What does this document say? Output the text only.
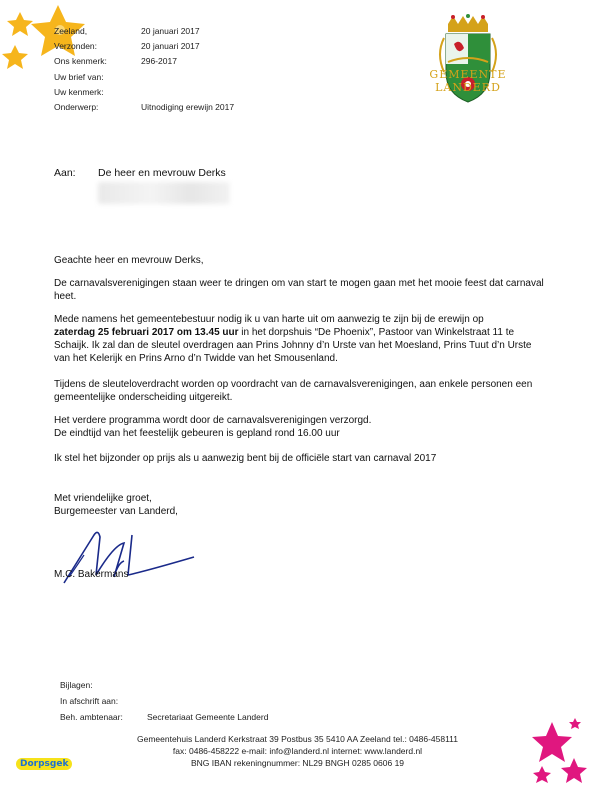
Zeeland,	20 januari 2017
Verzonden:	20 januari 2017
Ons kenmerk:	296-2017
Uw brief van:
Uw kenmerk:
Onderwerp:	Uitnodiging erewijn 2017
GEMEENTE LANDERD
Aan: De heer en mevrouw Derks
Geachte heer en mevrouw Derks,
De carnavalsverenigingen staan weer te dringen om van start te mogen gaan met het mooie feest dat carnaval heet.
Mede namens het gemeentebestuur nodig ik u van harte uit om aanwezig te zijn bij de erewijn op
zaterdag 25 februari 2017 om 13.45 uur in het dorpshuis “De Phoenix”, Pastoor van Winkelstraat 11 te Schaijk. Ik zal dan de sleutel overdragen aan Prins Johnny d’n Urste van het Moesland, Prins Tuut d’n Urste van het Kelerijk en Prins Arno d’n Twidde van het Smousenland.
Tijdens de sleuteloverdracht worden op voordracht van de carnavalsverenigingen, aan enkele personen een gemeentelijke onderscheiding uitgereikt.
Het verdere programma wordt door de carnavalsverenigingen verzorgd.
De eindtijd van het feestelijk gebeuren is gepland rond 16.00 uur
Ik stel het bijzonder op prijs als u aanwezig bent bij de officiële start van carnaval 2017
Met vriendelijke groet,
Burgemeester van Landerd,
M.C. Bakermans
Bijlagen:
In afschrift aan:
Beh. ambtenaar:	Secretariaat Gemeente Landerd
Gemeentehuis Landerd Kerkstraat 39 Postbus 35 5410 AA Zeeland tel.: 0486-458111
fax: 0486-458222 e-mail: info@landerd.nl internet: www.landerd.nl
BNG IBAN rekeningnummer: NL29 BNGH 0285 0606 19
Dorpsgek
